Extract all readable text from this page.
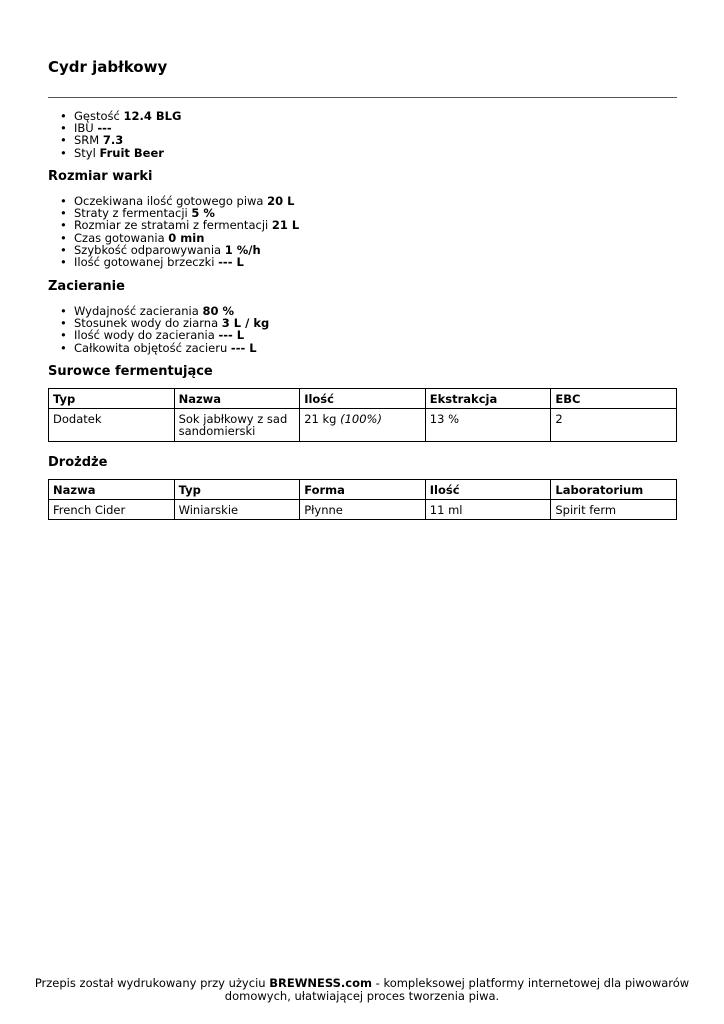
Cydr jabłkowy
• Gęstość 12.4 BLG
• IBU ---
• SRM 7.3
• Styl Fruit Beer
Rozmiar warki
• Oczekiwana ilość gotowego piwa 20 L
• Straty z fermentacji 5 %
• Rozmiar ze stratami z fermentacji 21 L
• Czas gotowania 0 min
• Szybkość odparowywania 1 %/h
• Ilość gotowanej brzeczki --- L
Zacieranie
• Wydajność zacierania 80 %
• Stosunek wody do ziarna 3 L / kg
• Ilość wody do zacierania --- L
• Całkowita objętość zacieru --- L
Surowce fermentujące
Typ	Nazwa	Ilość	Ekstrakcja	EBC
Dodatek	Sok jabłkowy z sad sandomierski	21 kg (100%)	13 %	2
Drożdże
Nazwa	Typ	Forma	Ilość	Laboratorium
French Cider	Winiarskie	Płynne	11 ml	Spirit ferm
Przepis został wydrukowany przy użyciu BREWNESS.com - kompleksowej platformy internetowej dla piwowarów domowych, ułatwiającej proces tworzenia piwa.
